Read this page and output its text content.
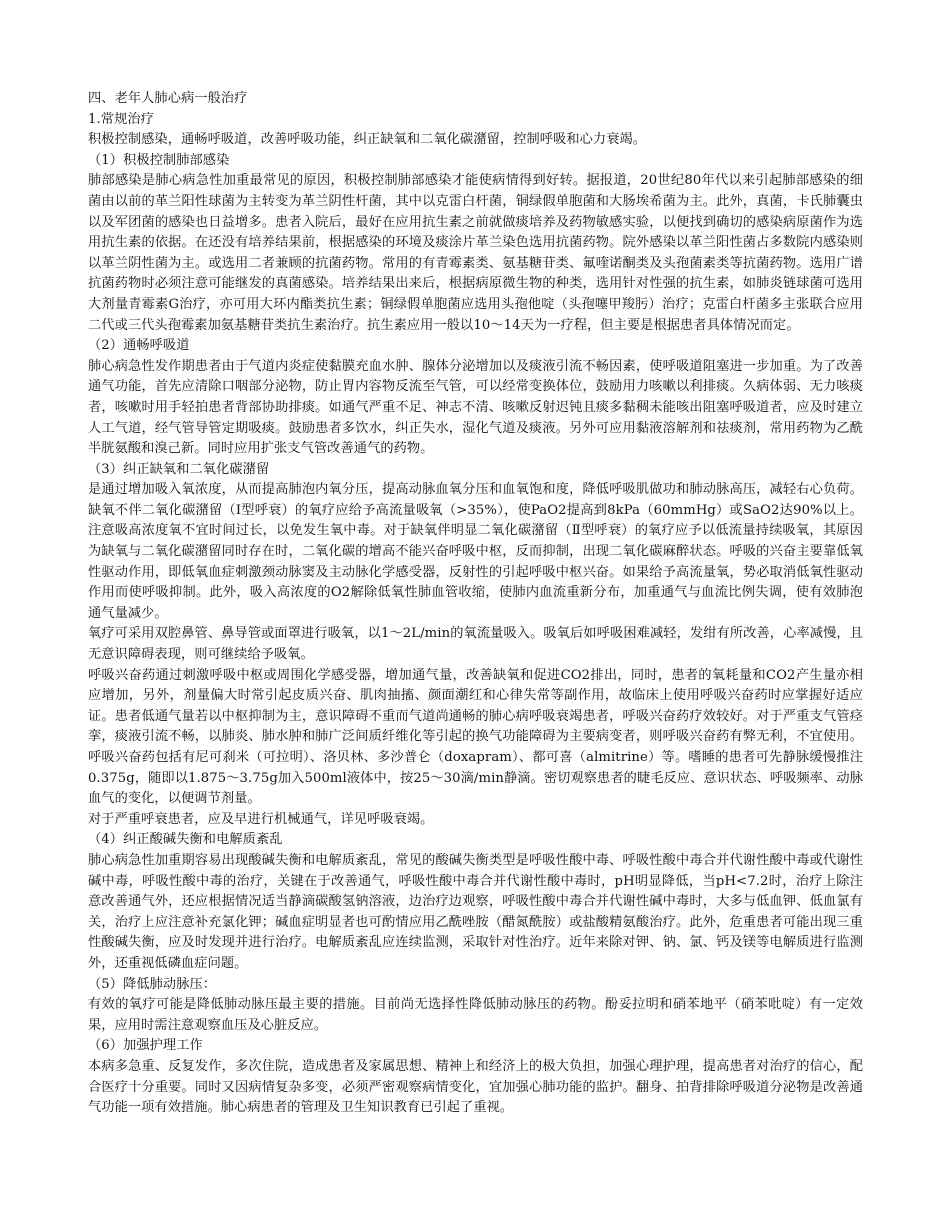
四、老年人肺心病一般治疗

1.常规治疗

积极控制感染，通畅呼吸道，改善呼吸功能，纠正缺氧和二氧化碳潴留，控制呼吸和心力衰竭。

（1）积极控制肺部感染

肺部感染是肺心病急性加重最常见的原因，积极控制肺部感染才能使病情得到好转。据报道，20世纪80年代以来引起肺部感染的细菌由以前的革兰阳性球菌为主转变为革兰阴性杆菌，其中以克雷白杆菌，铜绿假单胞菌和大肠埃希菌为主。此外，真菌，卡氏肺囊虫以及军团菌的感染也日益增多。患者入院后，最好在应用抗生素之前就做痰培养及药物敏感实验，以便找到确切的感染病原菌作为选用抗生素的依据。在还没有培养结果前，根据感染的环境及痰涂片革兰染色选用抗菌药物。院外感染以革兰阳性菌占多数院内感染则以革兰阴性菌为主。或选用二者兼顾的抗菌药物。常用的有青霉素类、氨基糖苷类、氟喹诺酮类及头孢菌素类等抗菌药物。选用广谱抗菌药物时必须注意可能继发的真菌感染。培养结果出来后，根据病原微生物的种类，选用针对性强的抗生素，如肺炎链球菌可选用大剂量青霉素G治疗，亦可用大环内酯类抗生素；铜绿假单胞菌应选用头孢他啶（头孢噻甲羧肟）治疗；克雷白杆菌多主张联合应用二代或三代头孢霉素加氨基糖苷类抗生素治疗。抗生素应用一般以10～14天为一疗程，但主要是根据患者具体情况而定。

（2）通畅呼吸道

肺心病急性发作期患者由于气道内炎症使黏膜充血水肿、腺体分泌增加以及痰液引流不畅因素，使呼吸道阻塞进一步加重。为了改善通气功能，首先应清除口咽部分泌物，防止胃内容物反流至气管，可以经常变换体位，鼓励用力咳嗽以利排痰。久病体弱、无力咳痰者，咳嗽时用手轻拍患者背部协助排痰。如通气严重不足、神志不清、咳嗽反射迟钝且痰多黏稠未能咳出阻塞呼吸道者，应及时建立人工气道，经气管导管定期吸痰。鼓励患者多饮水，纠正失水，湿化气道及痰液。另外可应用黏液溶解剂和祛痰剂，常用药物为乙酰半胱氨酸和溴己新。同时应用扩张支气管改善通气的药物。

（3）纠正缺氧和二氧化碳潴留

是通过增加吸入氧浓度，从而提高肺泡内氧分压，提高动脉血氧分压和血氧饱和度，降低呼吸肌做功和肺动脉高压，减轻右心负荷。缺氧不伴二氧化碳潴留（Ⅰ型呼衰）的氧疗应给予高流量吸氧（>35%），使PaO2提高到8kPa（60mmHg）或SaO2达90%以上。注意吸高浓度氧不宜时间过长，以免发生氧中毒。对于缺氧伴明显二氧化碳潴留（Ⅱ型呼衰）的氧疗应予以低流量持续吸氧，其原因为缺氧与二氧化碳潴留同时存在时，二氧化碳的增高不能兴奋呼吸中枢，反而抑制，出现二氧化碳麻醉状态。呼吸的兴奋主要靠低氧性驱动作用，即低氧血症刺激颈动脉窦及主动脉化学感受器，反射性的引起呼吸中枢兴奋。如果给予高流量氧，势必取消低氧性驱动作用而使呼吸抑制。此外，吸入高浓度的O2解除低氧性肺血管收缩，使肺内血流重新分布，加重通气与血流比例失调，使有效肺泡通气量减少。

氧疗可采用双腔鼻管、鼻导管或面罩进行吸氧，以1～2L/min的氧流量吸入。吸氧后如呼吸困难减轻，发绀有所改善，心率减慢，且无意识障碍表现，则可继续给予吸氧。

呼吸兴奋药通过刺激呼吸中枢或周围化学感受器，增加通气量，改善缺氧和促进CO2排出，同时，患者的氧耗量和CO2产生量亦相应增加，另外，剂量偏大时常引起皮质兴奋、肌肉抽搐、颜面潮红和心律失常等副作用，故临床上使用呼吸兴奋药时应掌握好适应证。患者低通气量若以中枢抑制为主，意识障碍不重而气道尚通畅的肺心病呼吸衰竭患者，呼吸兴奋药疗效较好。对于严重支气管痉挛，痰液引流不畅，以肺炎、肺水肿和肺广泛间质纤维化等引起的换气功能障碍为主要病变者，则呼吸兴奋药有弊无利，不宜使用。呼吸兴奋药包括有尼可刹米（可拉明）、洛贝林、多沙普仑（doxapram）、都可喜（almitrine）等。嗜睡的患者可先静脉缓慢推注0.375g，随即以1.875～3.75g加入500ml液体中，按25～30滴/min静滴。密切观察患者的睫毛反应、意识状态、呼吸频率、动脉血气的变化，以便调节剂量。

对于严重呼衰患者，应及早进行机械通气，详见呼吸衰竭。

（4）纠正酸碱失衡和电解质紊乱

肺心病急性加重期容易出现酸碱失衡和电解质紊乱，常见的酸碱失衡类型是呼吸性酸中毒、呼吸性酸中毒合并代谢性酸中毒或代谢性碱中毒，呼吸性酸中毒的治疗，关键在于改善通气，呼吸性酸中毒合并代谢性酸中毒时，pH明显降低，当pH<7.2时，治疗上除注意改善通气外，还应根据情况适当静滴碳酸氢钠溶液，边治疗边观察，呼吸性酸中毒合并代谢性碱中毒时，大多与低血钾、低血氯有关，治疗上应注意补充氯化钾；碱血症明显者也可酌情应用乙酰唑胺（醋氮酰胺）或盐酸精氨酸治疗。此外，危重患者可能出现三重性酸碱失衡，应及时发现并进行治疗。电解质紊乱应连续监测，采取针对性治疗。近年来除对钾、钠、氯、钙及镁等电解质进行监测外，还重视低磷血症问题。

（5）降低肺动脉压：

有效的氧疗可能是降低肺动脉压最主要的措施。目前尚无选择性降低肺动脉压的药物。酚妥拉明和硝苯地平（硝苯吡啶）有一定效果，应用时需注意观察血压及心脏反应。

（6）加强护理工作

本病多急重、反复发作，多次住院，造成患者及家属思想、精神上和经济上的极大负担，加强心理护理，提高患者对治疗的信心，配合医疗十分重要。同时又因病情复杂多变，必须严密观察病情变化，宜加强心肺功能的监护。翻身、拍背排除呼吸道分泌物是改善通气功能一项有效措施。肺心病患者的管理及卫生知识教育已引起了重视。
